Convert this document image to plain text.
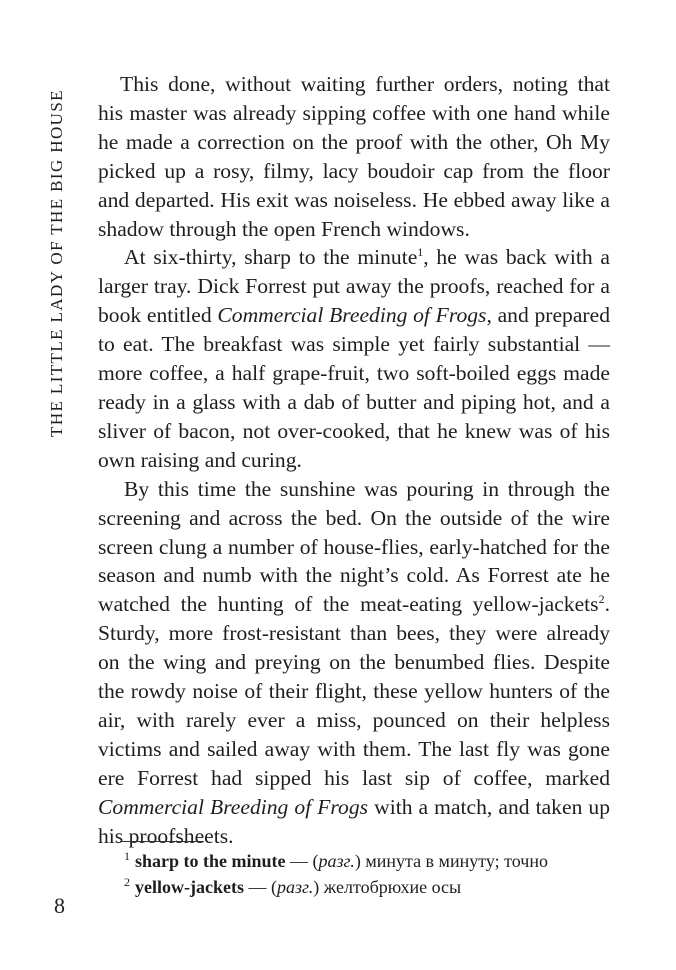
THE LITTLE LADY OF THE BIG HOUSE

This done, without waiting further orders, noting that his master was already sipping coffee with one hand while he made a correction on the proof with the other, Oh My picked up a rosy, filmy, lacy boudoir cap from the floor and departed. His exit was noiseless. He ebbed away like a shadow through the open French windows.

At six-thirty, sharp to the minute$^1$, he was back with a larger tray. Dick Forrest put away the proofs, reached for a book entitled Commercial Breeding of Frogs, and prepared to eat. The breakfast was simple yet fairly substantial — more coffee, a half grape-fruit, two soft-boiled eggs made ready in a glass with a dab of butter and piping hot, and a sliver of bacon, not over-cooked, that he knew was of his own raising and curing.

By this time the sunshine was pouring in through the screening and across the bed. On the outside of the wire screen clung a number of house-flies, early-hatched for the season and numb with the night’s cold. As Forrest ate he watched the hunting of the meat-eating yellow-jackets$^2$. Sturdy, more frost-resistant than bees, they were already on the wing and preying on the benumbed flies. Despite the rowdy noise of their flight, these yellow hunters of the air, with rarely ever a miss, pounced on their helpless victims and sailed away with them. The last fly was gone ere Forrest had sipped his last sip of coffee, marked Commercial Breeding of Frogs with a match, and taken up his proofsheets.

$^1$ sharp to the minute — (разг.) минута в минуту; точно
$^2$ yellow-jackets — (разг.) желтобрюхие осы
8
